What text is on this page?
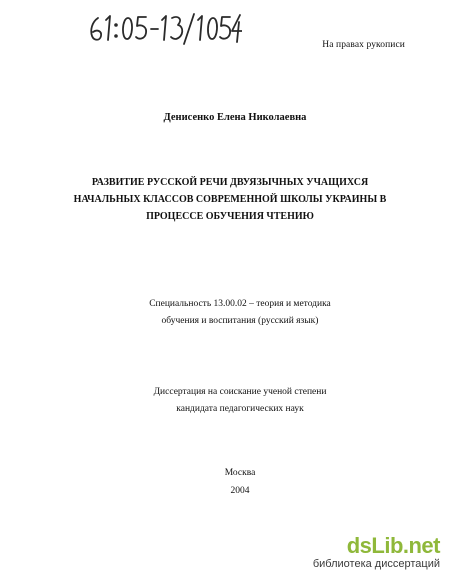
На правах рукописи
Денисенко Елена Николаевна
РАЗВИТИЕ РУССКОЙ РЕЧИ ДВУЯЗЫЧНЫХ УЧАЩИХСЯ
НАЧАЛЬНЫХ КЛАССОВ СОВРЕМЕННОЙ ШКОЛЫ УКРАИНЫ В
ПРОЦЕССЕ ОБУЧЕНИЯ ЧТЕНИЮ
Специальность 13.00.02 – теория и методика
обучения и воспитания (русский язык)
Диссертация на соискание ученой степени
кандидата педагогических наук
Москва
2004
dsLib.net
библиотека диссертаций
